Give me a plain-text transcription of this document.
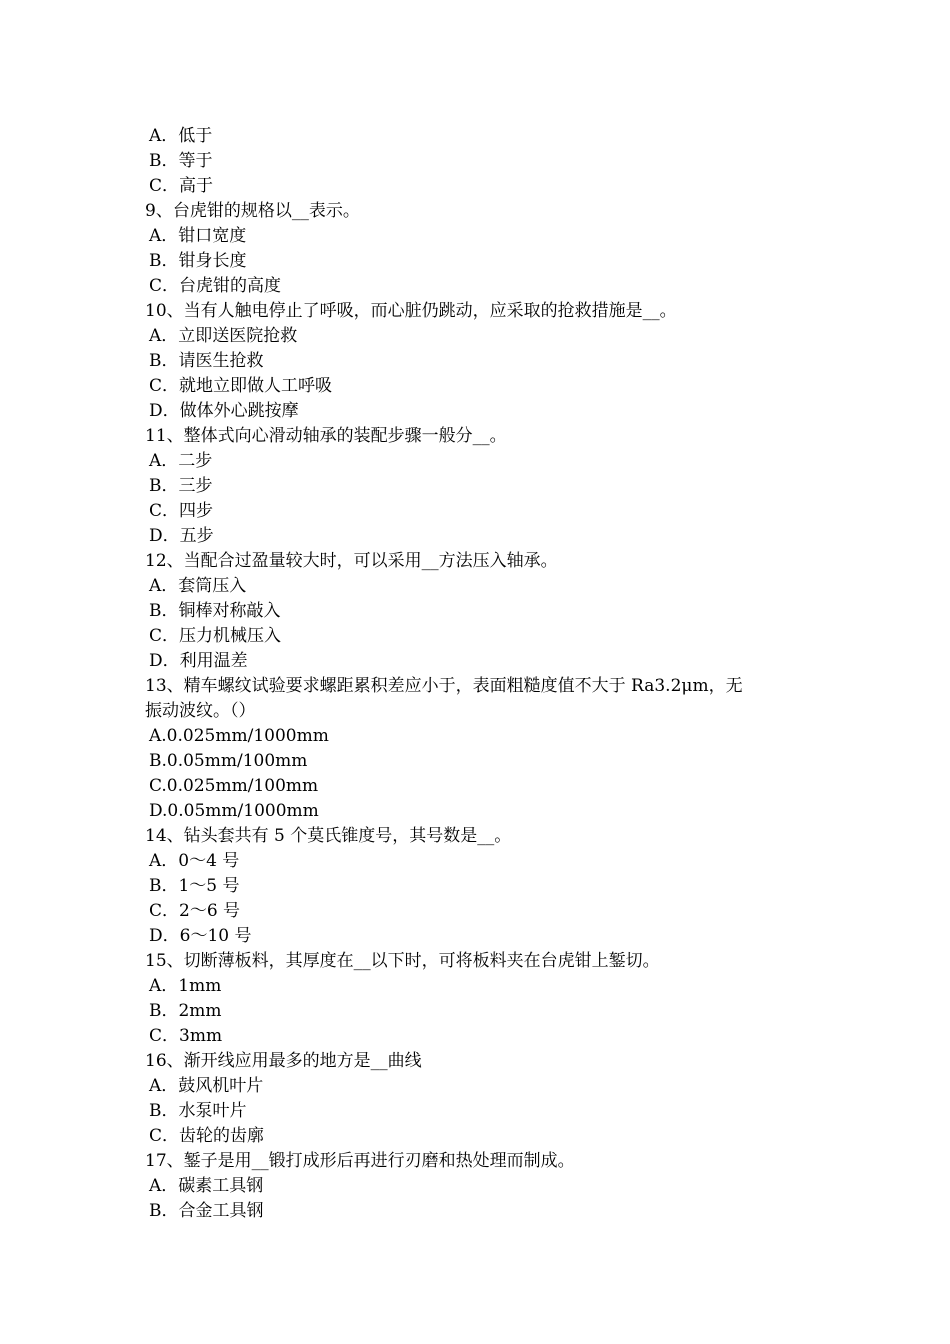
A．低于
B．等于
C．高于
9、台虎钳的规格以__表示。
A．钳口宽度
B．钳身长度
C．台虎钳的高度
10、当有人触电停止了呼吸，而心脏仍跳动，应采取的抢救措施是__。
A．立即送医院抢救
B．请医生抢救
C．就地立即做人工呼吸
D．做体外心跳按摩
11、整体式向心滑动轴承的装配步骤一般分__。
A．二步
B．三步
C．四步
D．五步
12、当配合过盈量较大时，可以采用__方法压入轴承。
A．套筒压入
B．铜棒对称敲入
C．压力机械压入
D．利用温差
13、精车螺纹试验要求螺距累积差应小于，表面粗糙度值不大于 Ra3.2μm，无
振动波纹。（）
A.0.025mm/1000mm
B.0.05mm/100mm
C.0.025mm/100mm
D.0.05mm/1000mm
14、钻头套共有 5 个莫氏锥度号，其号数是__。
A．0～4 号
B．1～5 号
C．2～6 号
D．6～10 号
15、切断薄板料，其厚度在__以下时，可将板料夹在台虎钳上錾切。
A．1mm
B．2mm
C．3mm
16、渐开线应用最多的地方是__曲线
A．鼓风机叶片
B．水泵叶片
C．齿轮的齿廓
17、錾子是用__锻打成形后再进行刃磨和热处理而制成。
A．碳素工具钢
B．合金工具钢
